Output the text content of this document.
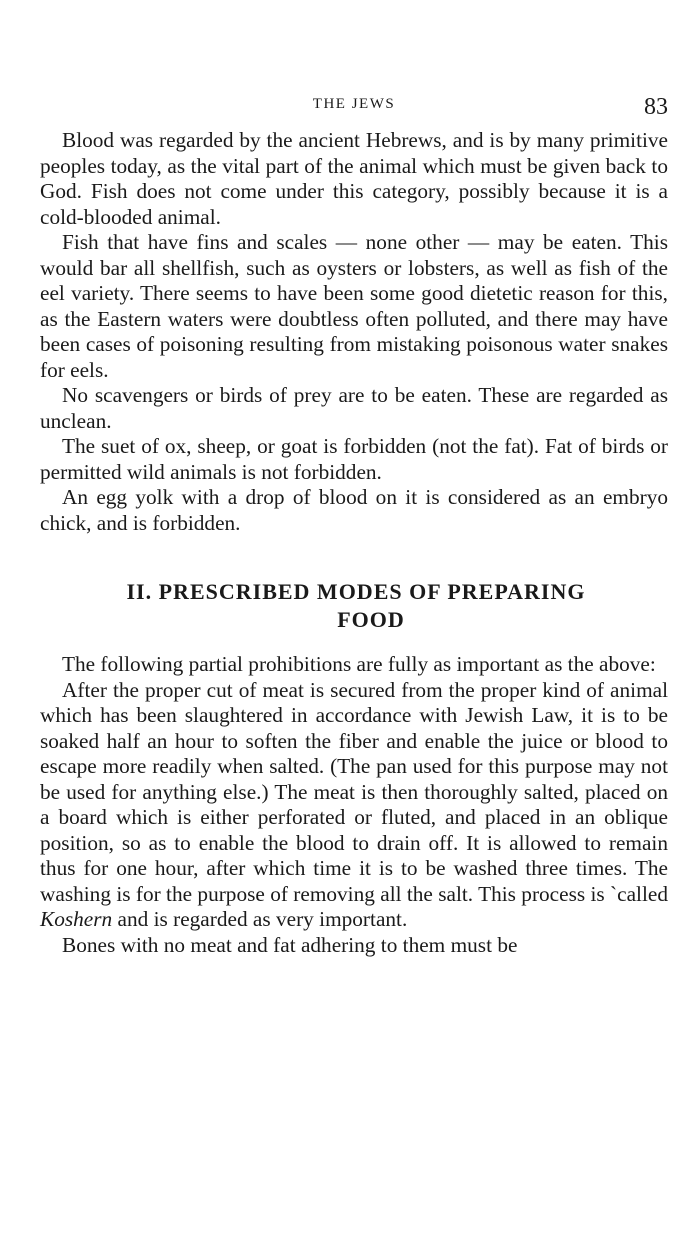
THE JEWS	83

Blood was regarded by the ancient Hebrews, and is by many primitive peoples today, as the vital part of the animal which must be given back to God. Fish does not come under this category, possibly because it is a cold-blooded animal.

Fish that have fins and scales — none other — may be eaten. This would bar all shellfish, such as oysters or lobsters, as well as fish of the eel variety. There seems to have been some good dietetic reason for this, as the Eastern waters were doubtless often polluted, and there may have been cases of poisoning resulting from mistaking poisonous water snakes for eels.

No scavengers or birds of prey are to be eaten. These are regarded as unclean.

The suet of ox, sheep, or goat is forbidden (not the fat). Fat of birds or permitted wild animals is not forbidden.

An egg yolk with a drop of blood on it is considered as an embryo chick, and is forbidden.

II. PRESCRIBED MODES OF PREPARING
FOOD

The following partial prohibitions are fully as important as the above:

After the proper cut of meat is secured from the proper kind of animal which has been slaughtered in accordance with Jewish Law, it is to be soaked half an hour to soften the fiber and enable the juice or blood to escape more readily when salted. (The pan used for this purpose may not be used for anything else.) The meat is then thoroughly salted, placed on a board which is either perforated or fluted, and placed in an oblique position, so as to enable the blood to drain off. It is allowed to remain thus for one hour, after which time it is to be washed three times. The washing is for the purpose of removing all the salt. This process is `called Koshern and is regarded as very important.

Bones with no meat and fat adhering to them must be
